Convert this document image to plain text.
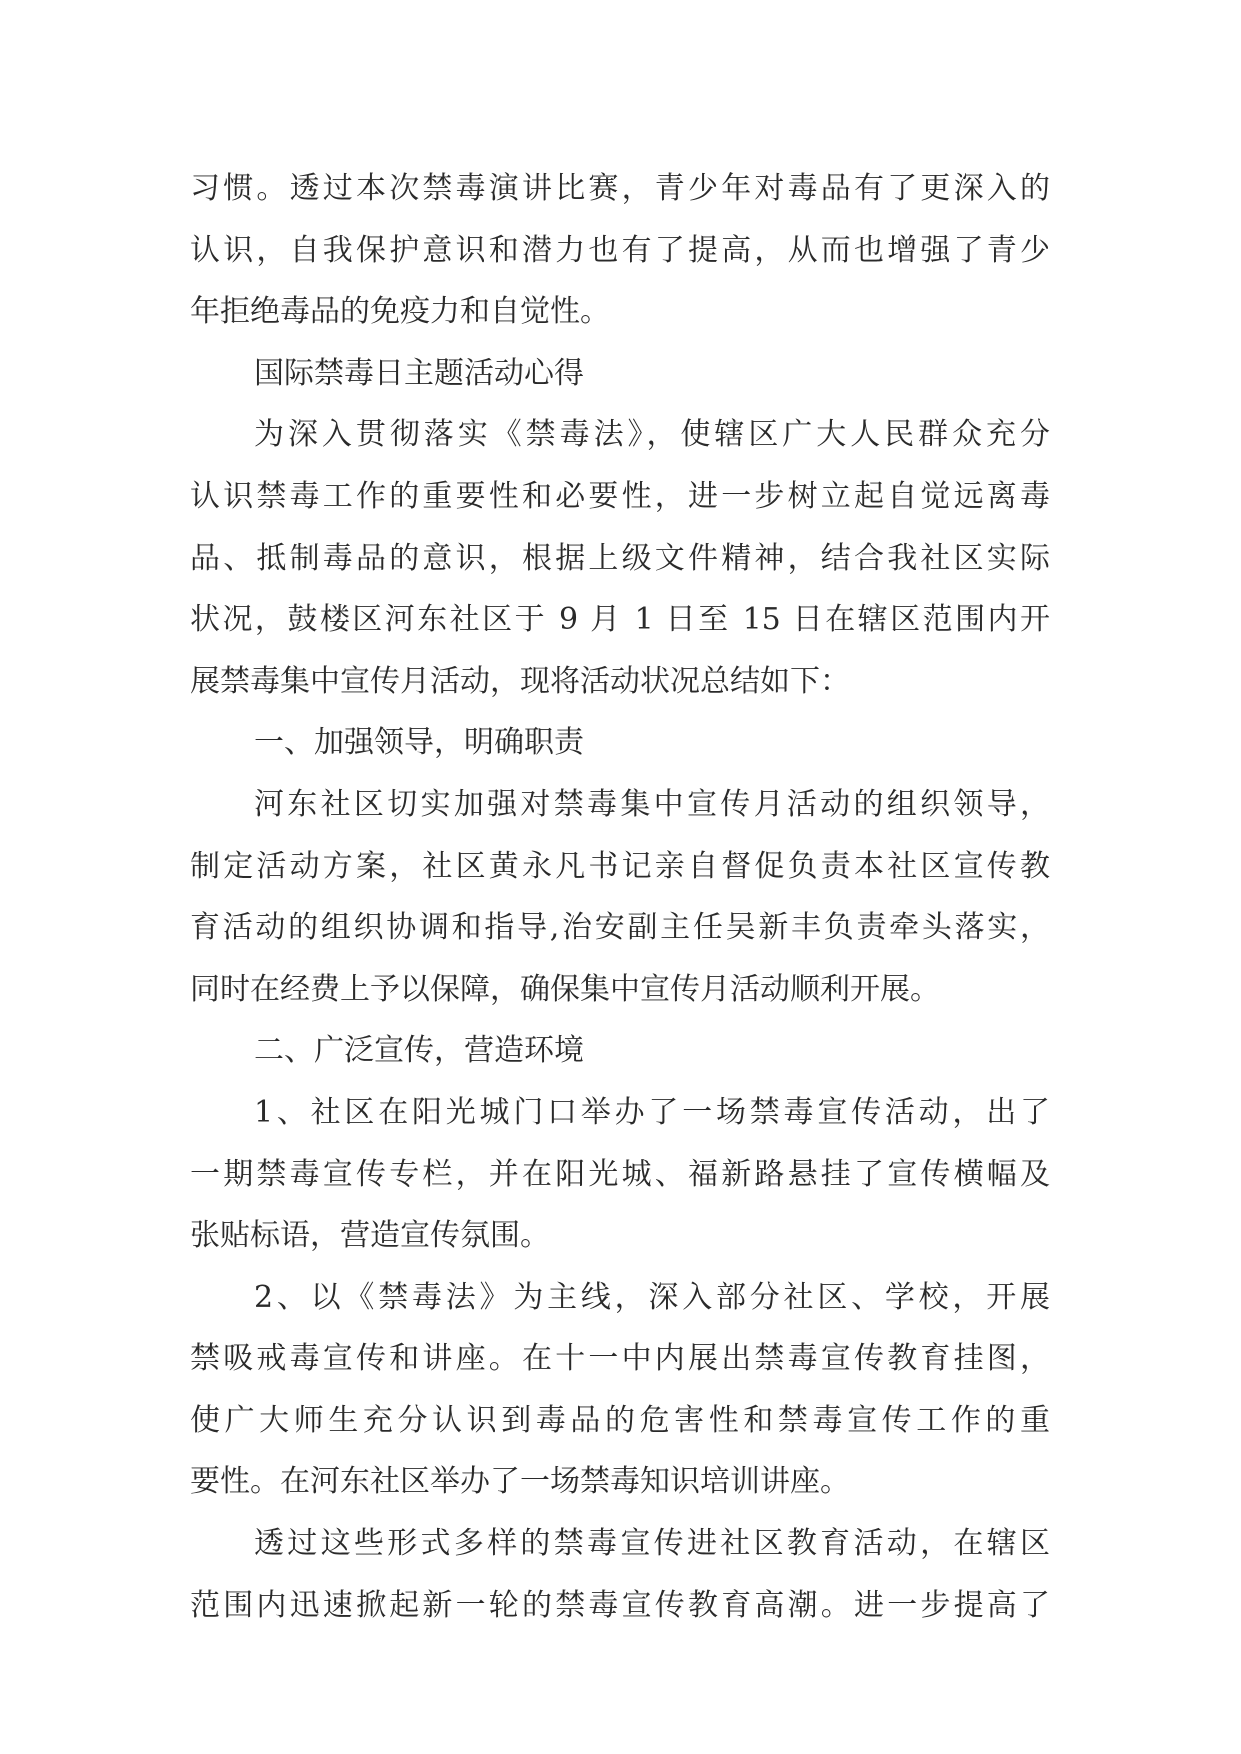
习惯。透过本次禁毒演讲比赛，青少年对毒品有了更深入的
认识，自我保护意识和潜力也有了提高，从而也增强了青少
年拒绝毒品的免疫力和自觉性。
国际禁毒日主题活动心得
为深入贯彻落实《禁毒法》，使辖区广大人民群众充分
认识禁毒工作的重要性和必要性，进一步树立起自觉远离毒
品、抵制毒品的意识，根据上级文件精神，结合我社区实际
状况，鼓楼区河东社区于 9 月 1 日至 15 日在辖区范围内开
展禁毒集中宣传月活动，现将活动状况总结如下：
一、加强领导，明确职责
河东社区切实加强对禁毒集中宣传月活动的组织领导，
制定活动方案，社区黄永凡书记亲自督促负责本社区宣传教
育活动的组织协调和指导,治安副主任吴新丰负责牵头落实，
同时在经费上予以保障，确保集中宣传月活动顺利开展。
二、广泛宣传，营造环境
1、社区在阳光城门口举办了一场禁毒宣传活动，出了
一期禁毒宣传专栏，并在阳光城、福新路悬挂了宣传横幅及
张贴标语，营造宣传氛围。
2、以《禁毒法》为主线，深入部分社区、学校，开展
禁吸戒毒宣传和讲座。在十一中内展出禁毒宣传教育挂图，
使广大师生充分认识到毒品的危害性和禁毒宣传工作的重
要性。在河东社区举办了一场禁毒知识培训讲座。
透过这些形式多样的禁毒宣传进社区教育活动，在辖区
范围内迅速掀起新一轮的禁毒宣传教育高潮。进一步提高了
